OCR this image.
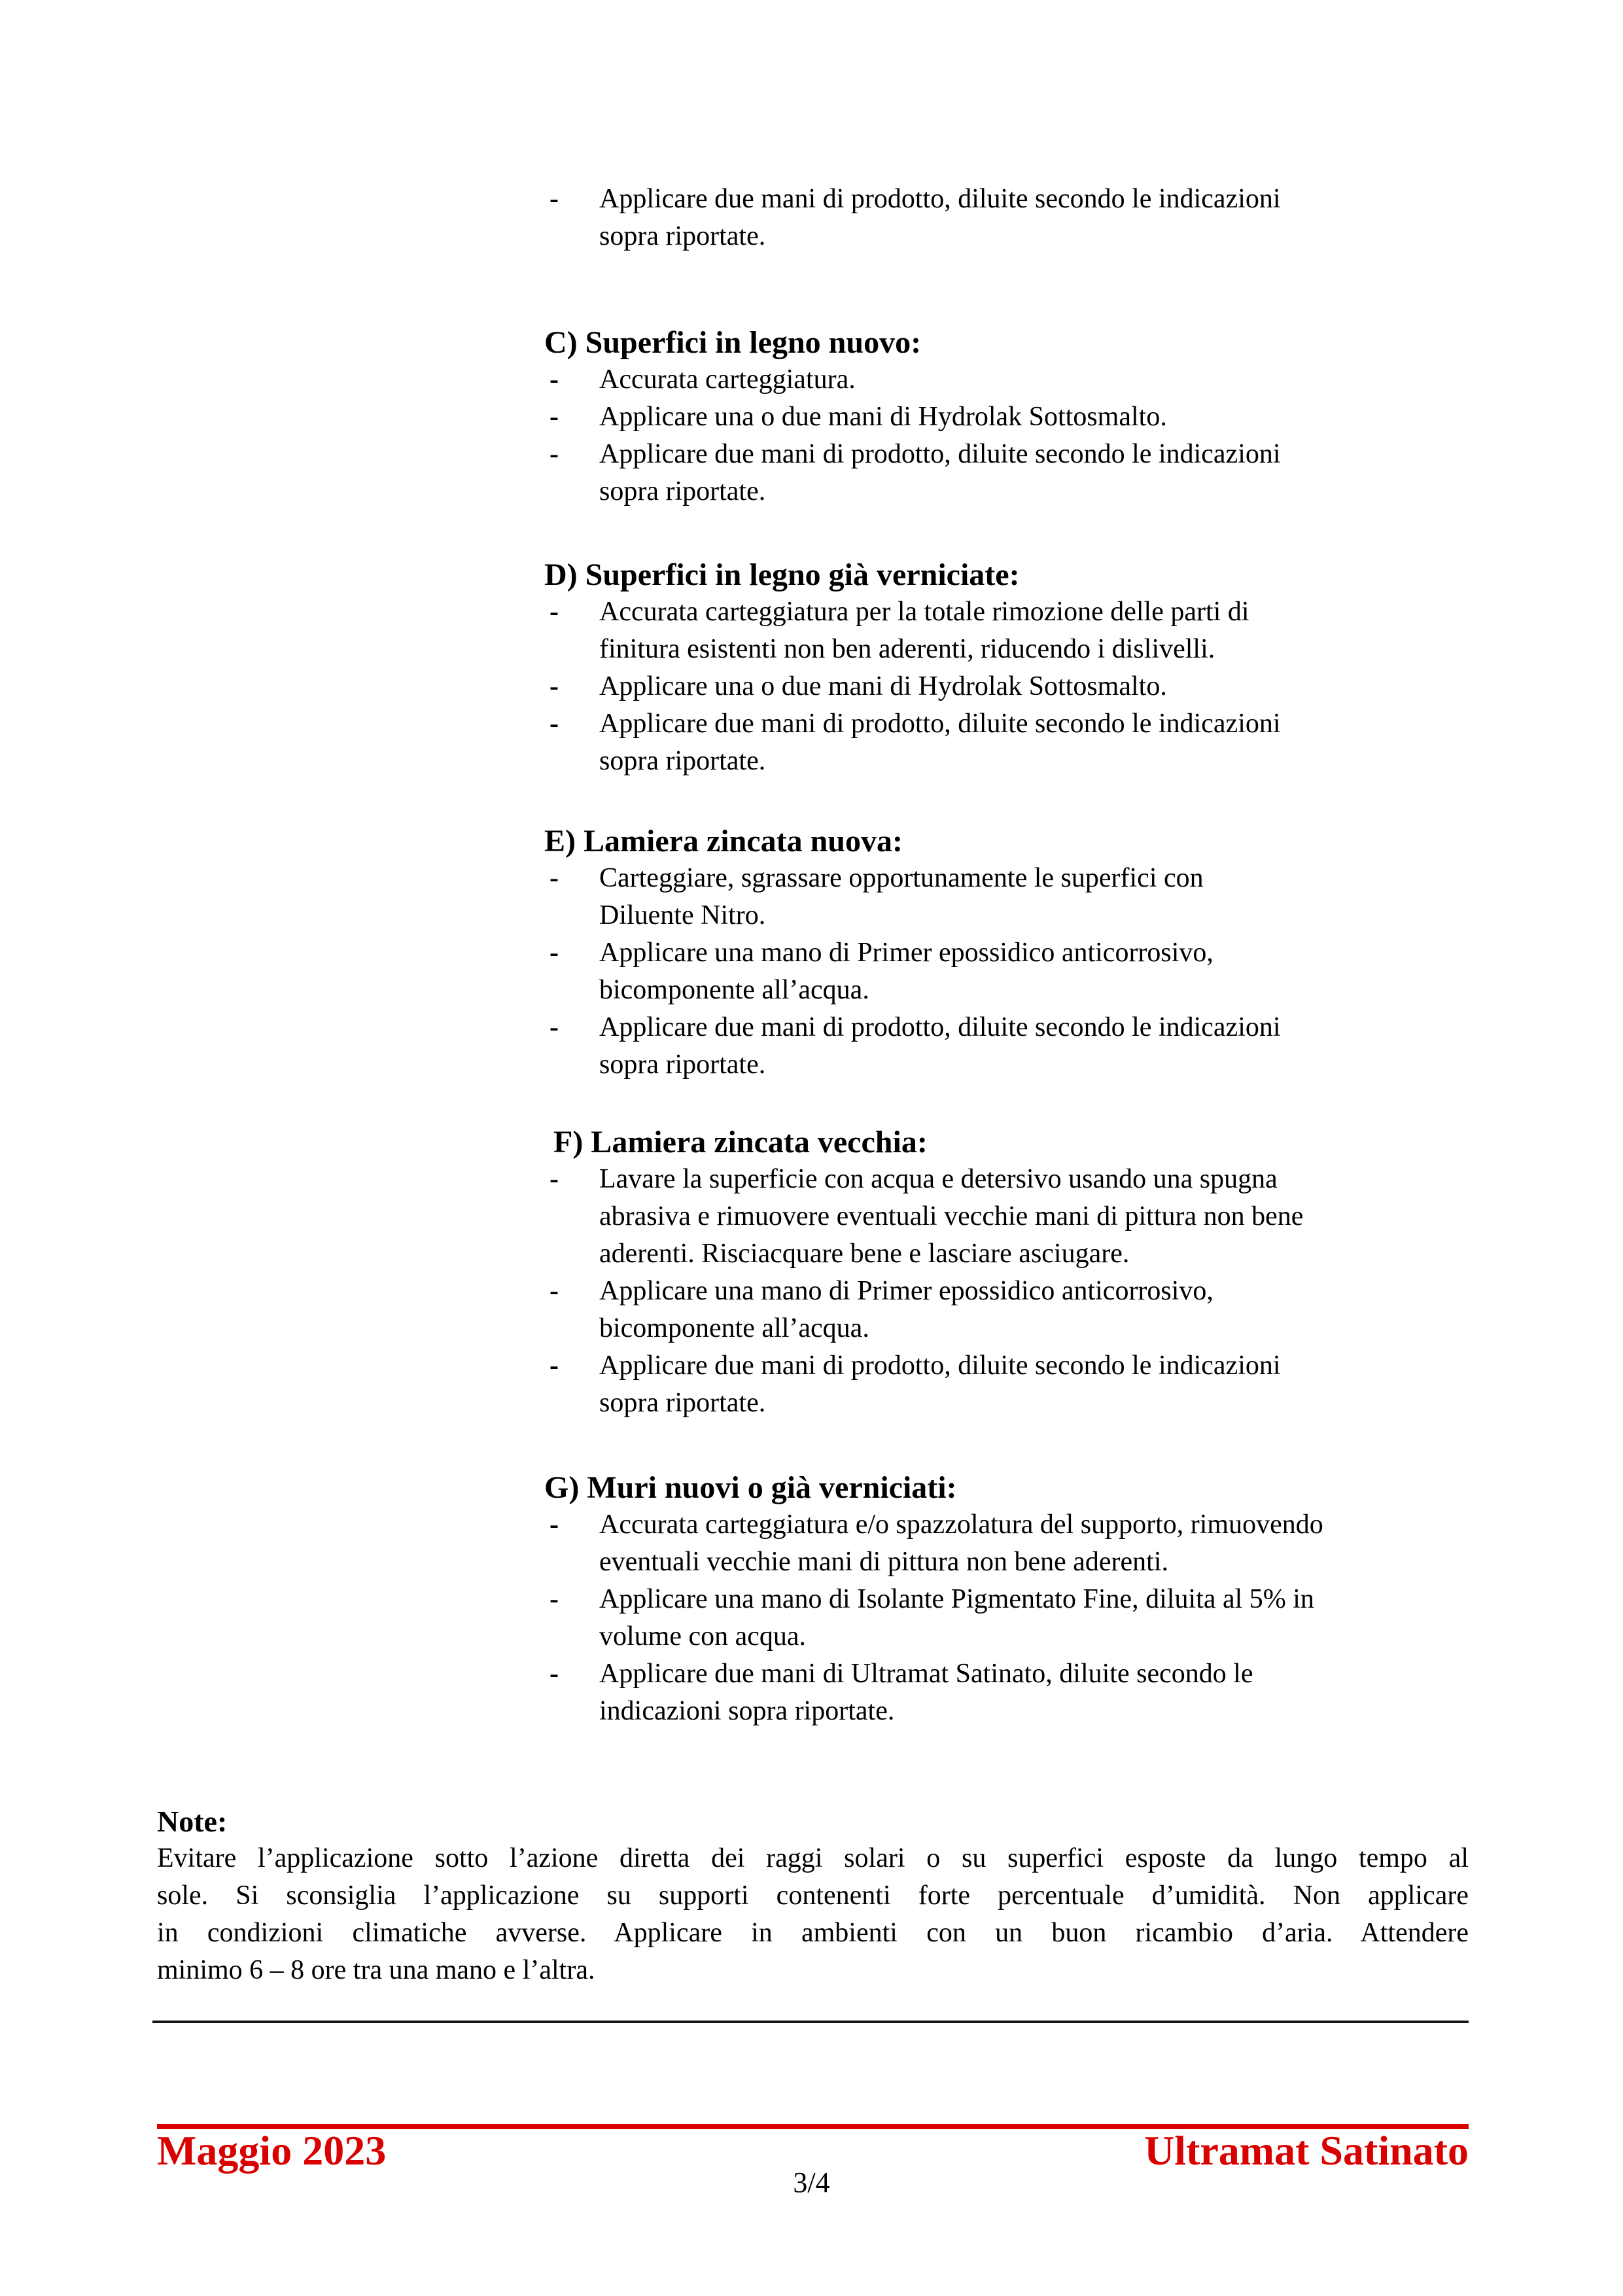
- Applicare due mani di prodotto, diluite secondo le indicazioni
sopra riportate.
C) Superfici in legno nuovo:
- Accurata carteggiatura.
- Applicare una o due mani di Hydrolak Sottosmalto.
- Applicare due mani di prodotto, diluite secondo le indicazioni
sopra riportate.
D) Superfici in legno già verniciate:
- Accurata carteggiatura per la totale rimozione delle parti di
finitura esistenti non ben aderenti, riducendo i dislivelli.
- Applicare una o due mani di Hydrolak Sottosmalto.
- Applicare due mani di prodotto, diluite secondo le indicazioni
sopra riportate.
E) Lamiera zincata nuova:
- Carteggiare, sgrassare opportunamente le superfici con
Diluente Nitro.
- Applicare una mano di Primer epossidico anticorrosivo,
bicomponente all’acqua.
- Applicare due mani di prodotto, diluite secondo le indicazioni
sopra riportate.
F) Lamiera zincata vecchia:
- Lavare la superficie con acqua e detersivo usando una spugna
abrasiva e rimuovere eventuali vecchie mani di pittura non bene
aderenti. Risciacquare bene e lasciare asciugare.
- Applicare una mano di Primer epossidico anticorrosivo,
bicomponente all’acqua.
- Applicare due mani di prodotto, diluite secondo le indicazioni
sopra riportate.
G) Muri nuovi o già verniciati:
- Accurata carteggiatura e/o spazzolatura del supporto, rimuovendo
eventuali vecchie mani di pittura non bene aderenti.
- Applicare una mano di Isolante Pigmentato Fine, diluita al 5% in
volume con acqua.
- Applicare due mani di Ultramat Satinato, diluite secondo le
indicazioni sopra riportate.
Note:
Evitare l’applicazione sotto l’azione diretta dei raggi solari o su superfici esposte da lungo tempo al
sole. Si sconsiglia l’applicazione su supporti contenenti forte percentuale d’umidità. Non applicare
in condizioni climatiche avverse. Applicare in ambienti con un buon ricambio d’aria. Attendere
minimo 6 – 8 ore tra una mano e l’altra.
Maggio 2023	Ultramat Satinato
3/4
